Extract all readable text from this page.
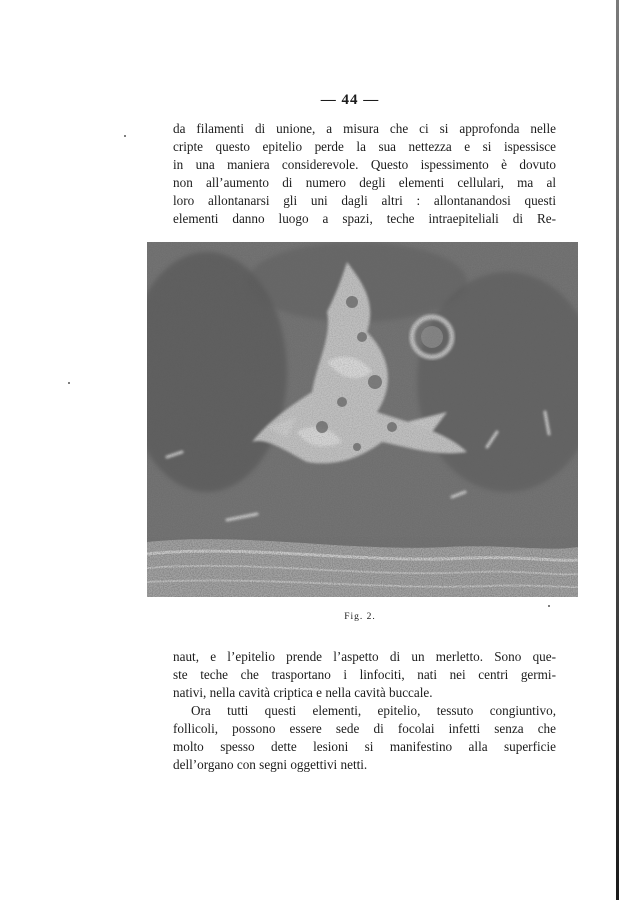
— 44 —
da filamenti di unione, a misura che ci si approfonda nelle
cripte questo epitelio perde la sua nettezza e si ispessisce
in una maniera considerevole. Questo ispessimento è dovuto
non all’aumento di numero degli elementi cellulari, ma al
loro allontanarsi gli uni dagli altri : allontanandosi questi
elementi danno luogo a spazi, teche intraepiteliali di Re-
Fig. 2.
naut, e l’epitelio prende l’aspetto di un merletto. Sono que-
ste teche che trasportano i linfociti, nati nei centri germi-
nativi, nella cavità criptica e nella cavità buccale.
Ora tutti questi elementi, epitelio, tessuto congiuntivo,
follicoli, possono essere sede di focolai infetti senza che
molto spesso dette lesioni si manifestino alla superficie
dell’organo con segni oggettivi netti.
